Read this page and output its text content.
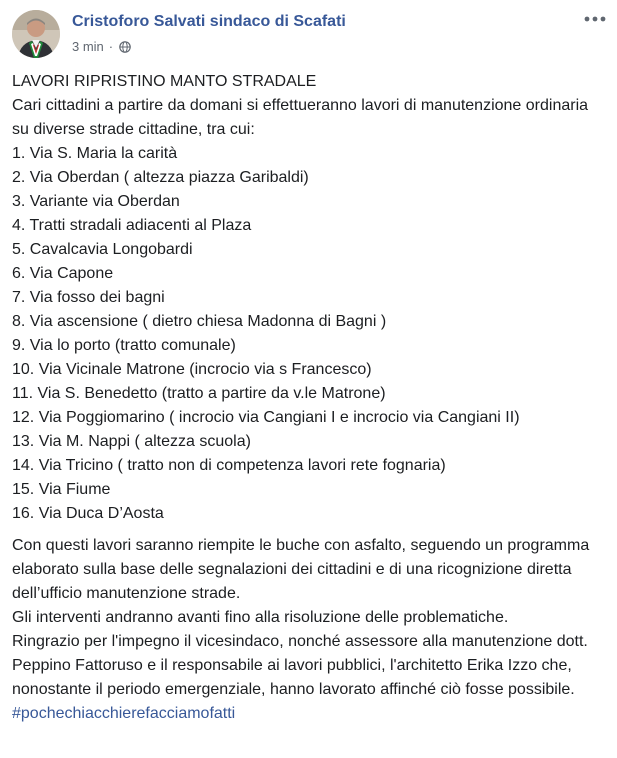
Cristoforo Salvati sindaco di Scafati
3 min ·

LAVORI RIPRISTINO MANTO STRADALE

Cari cittadini a partire da domani si effettueranno lavori di manutenzione ordinaria su diverse strade cittadine, tra cui:

1. Via S. Maria la carità
2. Via Oberdan ( altezza piazza Garibaldi)
3. Variante via Oberdan
4. Tratti stradali adiacenti al Plaza
5. Cavalcavia Longobardi
6. Via Capone
7. Via fosso dei bagni
8. Via ascensione ( dietro chiesa Madonna di Bagni )
9. Via lo porto (tratto comunale)
10. Via Vicinale Matrone (incrocio via s Francesco)
11. Via S. Benedetto (tratto a partire da v.le Matrone)
12. Via Poggiomarino ( incrocio via Cangiani I e incrocio via Cangiani II)
13. Via M. Nappi ( altezza scuola)
14. Via Tricino ( tratto non di competenza lavori rete fognaria)
15. Via Fiume
16. Via Duca D’Aosta

Con questi lavori saranno riempite le buche con asfalto, seguendo un programma elaborato sulla base delle segnalazioni dei cittadini e di una ricognizione diretta dell’ufficio manutenzione strade.

Gli interventi andranno avanti fino alla risoluzione delle problematiche.

Ringrazio per l'impegno il vicesindaco, nonché assessore alla manutenzione dott. Peppino Fattoruso e il responsabile ai lavori pubblici, l'architetto Erika Izzo che, nonostante il periodo emergenziale, hanno lavorato affinché ciò fosse possibile.

#pochechiacchierefacciamofatti
